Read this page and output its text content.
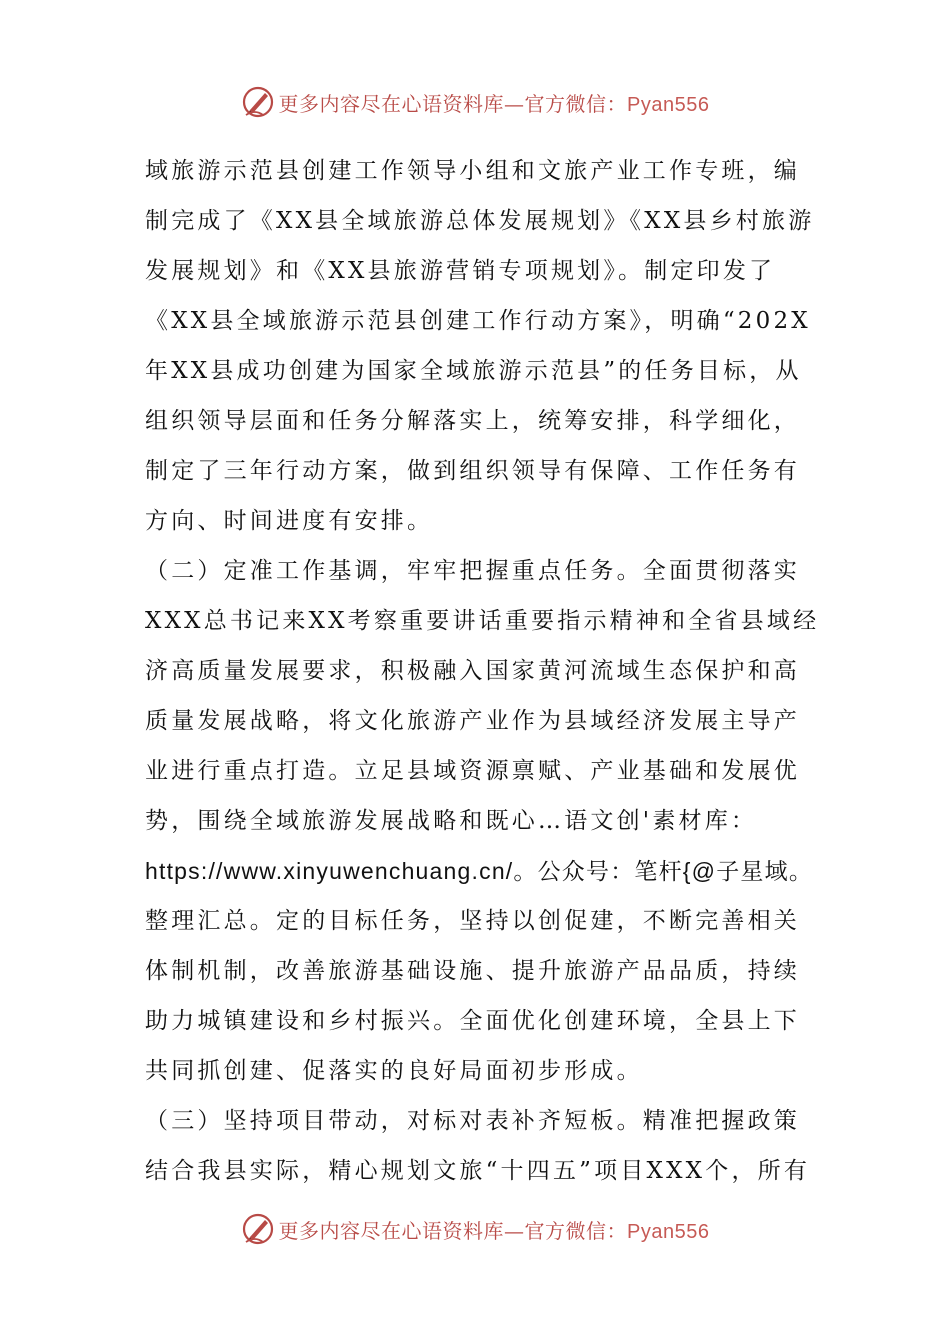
更多内容尽在心语资料库—官方微信：Pyan556
域旅游示范县创建工作领导小组和文旅产业工作专班，编
制完成了《XX县全域旅游总体发展规划》《XX县乡村旅游
发展规划》和《XX县旅游营销专项规划》。制定印发了
《XX县全域旅游示范县创建工作行动方案》，明确“202X
年XX县成功创建为国家全域旅游示范县”的任务目标，从
组织领导层面和任务分解落实上，统筹安排，科学细化，
制定了三年行动方案，做到组织领导有保障、工作任务有
方向、时间进度有安排。
（二）定准工作基调，牢牢把握重点任务。全面贯彻落实
XXX总书记来XX考察重要讲话重要指示精神和全省县域经
济高质量发展要求，积极融入国家黄河流域生态保护和高
质量发展战略，将文化旅游产业作为县域经济发展主导产
业进行重点打造。立足县域资源禀赋、产业基础和发展优
势，围绕全域旅游发展战略和既心…语文创'素材库：
https://www.xinyuwenchuang.cn/。公众号：笔杆{@子星域。
整理汇总。定的目标任务，坚持以创促建，不断完善相关
体制机制，改善旅游基础设施、提升旅游产品品质，持续
助力城镇建设和乡村振兴。全面优化创建环境，全县上下
共同抓创建、促落实的良好局面初步形成。
（三）坚持项目带动，对标对表补齐短板。精准把握政策
结合我县实际，精心规划文旅“十四五”项目XXX个，所有
更多内容尽在心语资料库—官方微信：Pyan556
